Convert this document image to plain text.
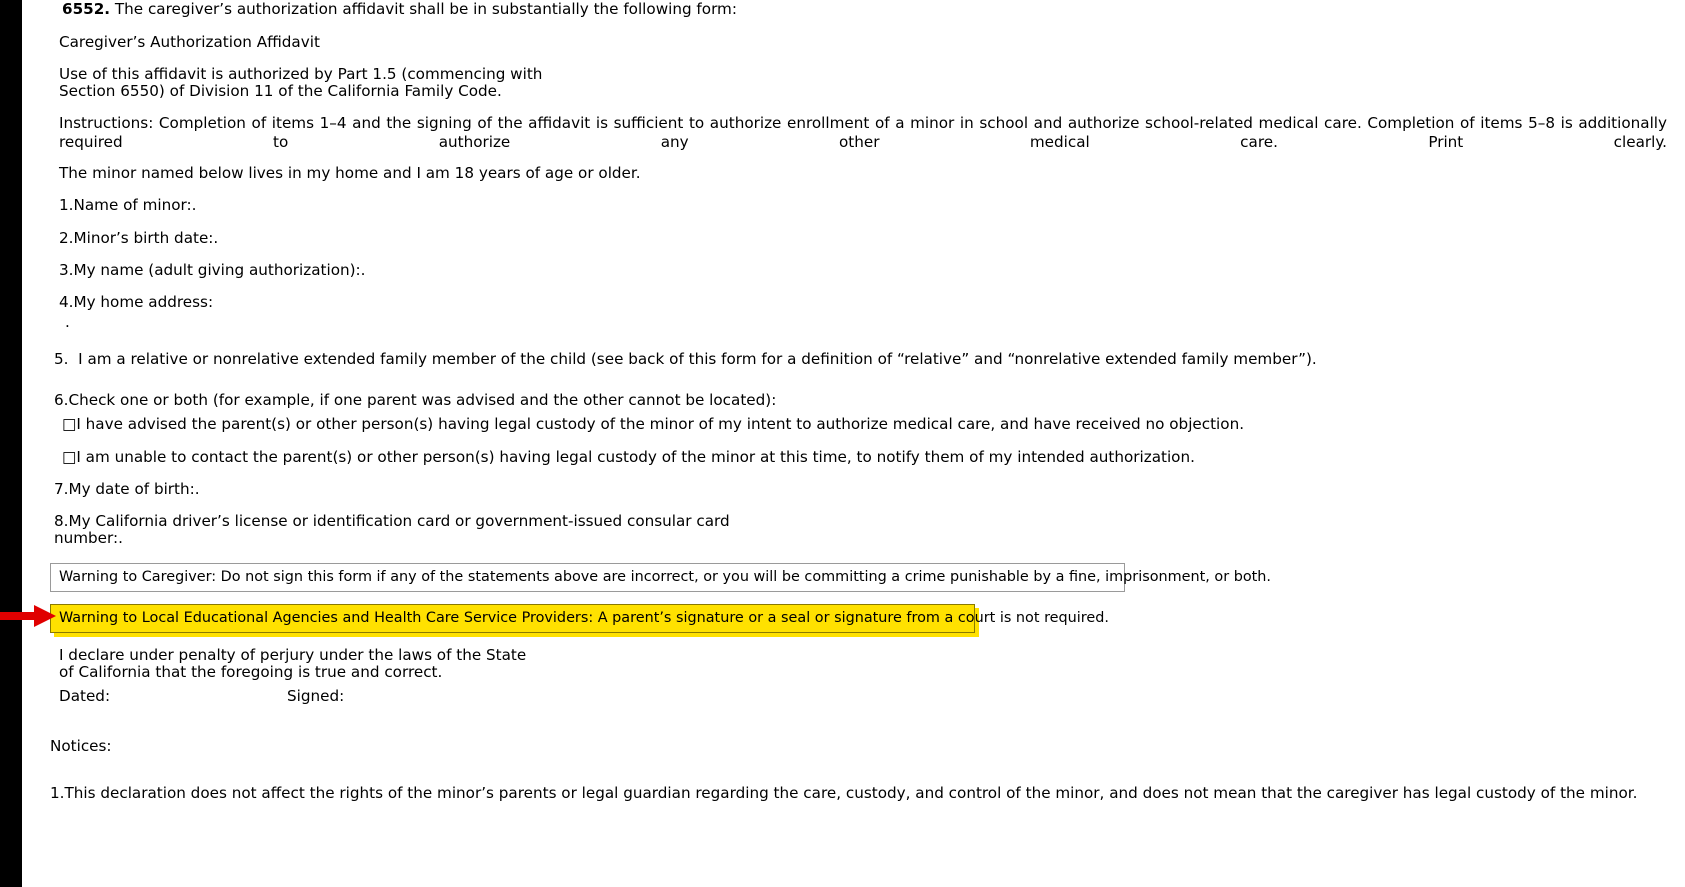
6552. The caregiver’s authorization affidavit shall be in substantially the following form:
Caregiver’s Authorization Affidavit
Use of this affidavit is authorized by Part 1.5 (commencing with
Section 6550) of Division 11 of the California Family Code.
Instructions: Completion of items 1–4 and the signing of the affidavit is sufficient to authorize enrollment of a minor in school and authorize school-related medical care. Completion of items 5–8 is additionally required to authorize any other medical care. Print clearly.
The minor named below lives in my home and I am 18 years of age or older.
1.Name of minor:.
2.Minor’s birth date:.
3.My name (adult giving authorization):.
4.My home address:
.
5.  I am a relative or nonrelative extended family member of the child (see back of this form for a definition of “relative” and “nonrelative extended family member”).
6.Check one or both (for example, if one parent was advised and the other cannot be located):
□I have advised the parent(s) or other person(s) having legal custody of the minor of my intent to authorize medical care, and have received no objection.
□I am unable to contact the parent(s) or other person(s) having legal custody of the minor at this time, to notify them of my intended authorization.
7.My date of birth:.
8.My California driver’s license or identification card or government-issued consular card
number:.
Warning to Caregiver: Do not sign this form if any of the statements above are incorrect, or you will be committing a crime punishable by a fine, imprisonment, or both.
Warning to Local Educational Agencies and Health Care Service Providers: A parent’s signature or a seal or signature from a court is not required.
I declare under penalty of perjury under the laws of the State
of California that the foregoing is true and correct.
Dated:	Signed:
Notices:
1.This declaration does not affect the rights of the minor’s parents or legal guardian regarding the care, custody, and control of the minor, and does not mean that the caregiver has legal custody of the minor.
